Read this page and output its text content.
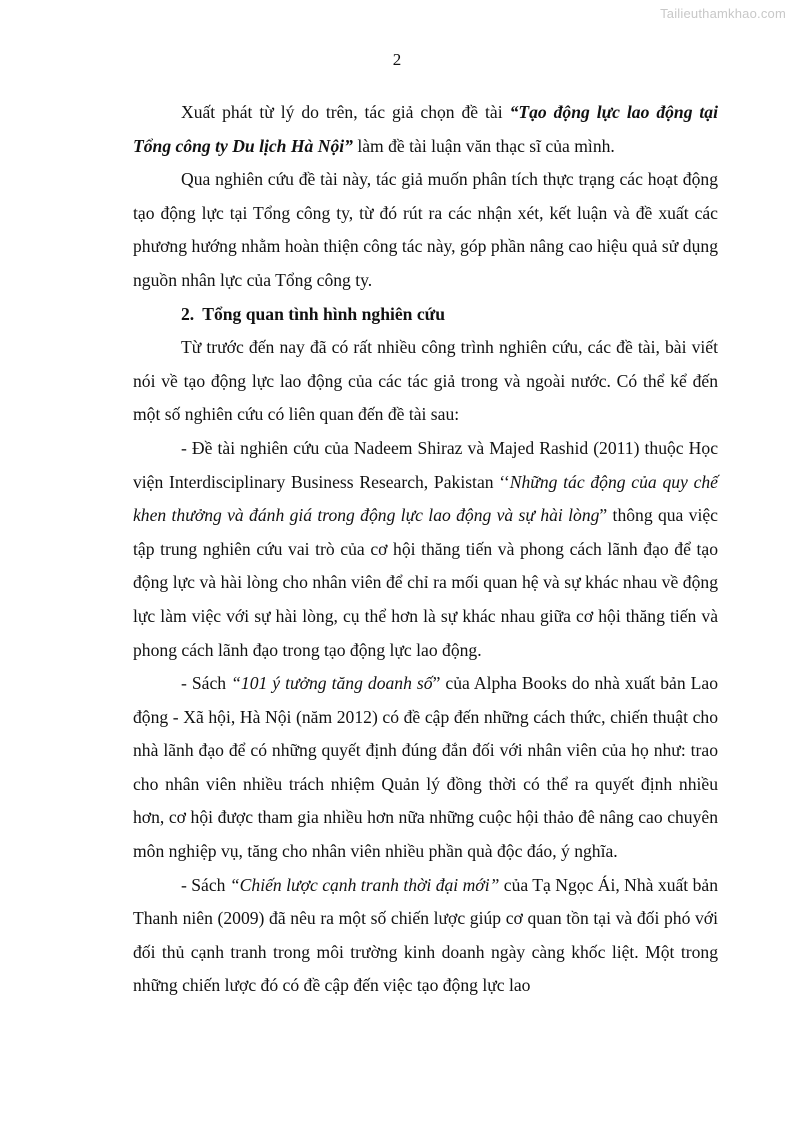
Tailieuthamkhao.com
2

Xuất phát từ lý do trên, tác giả chọn đề tài “Tạo động lực lao động tại Tổng công ty Du lịch Hà Nội” làm đề tài luận văn thạc sĩ của mình.

Qua nghiên cứu đề tài này, tác giả muốn phân tích thực trạng các hoạt động tạo động lực tại Tổng công ty, từ đó rút ra các nhận xét, kết luận và đề xuất các phương hướng nhằm hoàn thiện công tác này, góp phần nâng cao hiệu quả sử dụng nguồn nhân lực của Tổng công ty.

2. Tổng quan tình hình nghiên cứu

Từ trước đến nay đã có rất nhiều công trình nghiên cứu, các đề tài, bài viết nói về tạo động lực lao động của các tác giả trong và ngoài nước. Có thể kể đến một số nghiên cứu có liên quan đến đề tài sau:

- Đề tài nghiên cứu của Nadeem Shiraz và Majed Rashid (2011) thuộc Học viện Interdisciplinary Business Research, Pakistan ‘‘Những tác động của quy chế khen thưởng và đánh giá trong động lực lao động và sự hài lòng” thông qua việc tập trung nghiên cứu vai trò của cơ hội thăng tiến và phong cách lãnh đạo để tạo động lực và hài lòng cho nhân viên để chỉ ra mối quan hệ và sự khác nhau về động lực làm việc với sự hài lòng, cụ thể hơn là sự khác nhau giữa cơ hội thăng tiến và phong cách lãnh đạo trong tạo động lực lao động.

- Sách “101 ý tưởng tăng doanh số” của Alpha Books do nhà xuất bản Lao động - Xã hội, Hà Nội (năm 2012) có đề cập đến những cách thức, chiến thuật cho nhà lãnh đạo để có những quyết định đúng đắn đối với nhân viên của họ như: trao cho nhân viên nhiều trách nhiệm Quản lý đồng thời có thể ra quyết định nhiều hơn, cơ hội được tham gia nhiều hơn nữa những cuộc hội thảo đê nâng cao chuyên môn nghiệp vụ, tăng cho nhân viên nhiều phần quà độc đáo, ý nghĩa.

- Sách “Chiến lược cạnh tranh thời đại mới” của Tạ Ngọc Ái, Nhà xuất bản Thanh niên (2009) đã nêu ra một số chiến lược giúp cơ quan tồn tại và đối phó với đối thủ cạnh tranh trong môi trường kinh doanh ngày càng khốc liệt. Một trong những chiến lược đó có đề cập đến việc tạo động lực lao
